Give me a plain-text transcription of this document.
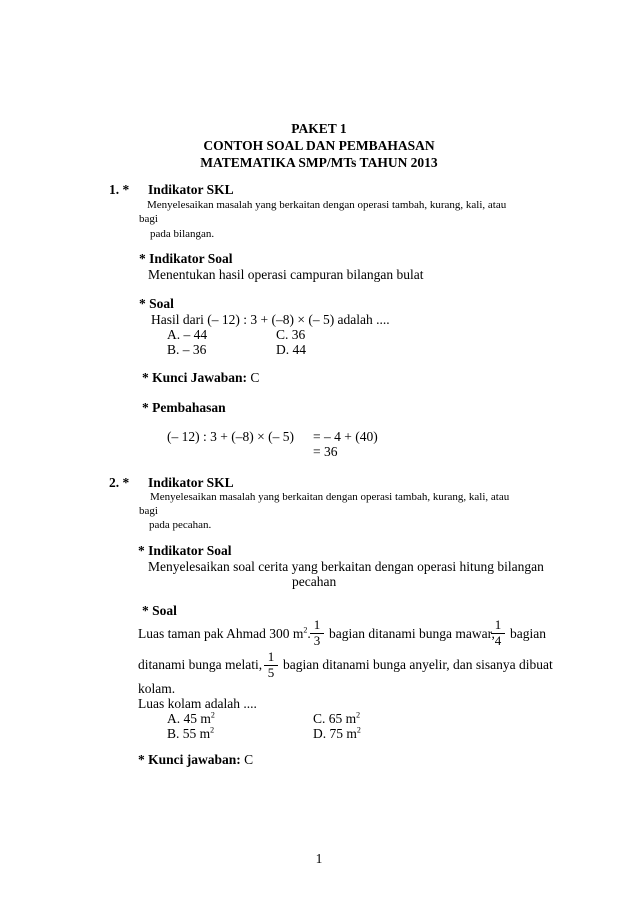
PAKET 1
CONTOH SOAL DAN PEMBAHASAN
MATEMATIKA SMP/MTs TAHUN 2013
1. * Indikator SKL
Menyelesaikan masalah yang berkaitan dengan operasi tambah, kurang, kali, atau
bagi
pada bilangan.
* Indikator Soal
Menentukan hasil operasi campuran bilangan bulat
* Soal
Hasil dari (– 12) : 3 + (–8) × (– 5) adalah ....
A. – 44	C. 36
B. – 36	D. 44
* Kunci Jawaban: C
* Pembahasan
(– 12) : 3 + (–8) × (– 5) = – 4 + (40)
= 36
2. * Indikator SKL
Menyelesaikan masalah yang berkaitan dengan operasi tambah, kurang, kali, atau
bagi
pada pecahan.
* Indikator Soal
Menyelesaikan soal cerita yang berkaitan dengan operasi hitung bilangan
pecahan
* Soal
Luas taman pak Ahmad 300 $m^2$.
1
3 bagian ditanami bunga mawar,
1
4 bagian
ditanami bunga melati,
1
5
bagian ditanami bunga anyelir, dan sisanya dibuat
kolam.
Luas kolam adalah ....
A. 45 $m^2$	C. 65 $m^2$
B. 55 $m^2$	D. 75 $m^2$
* Kunci jawaban: C
1
